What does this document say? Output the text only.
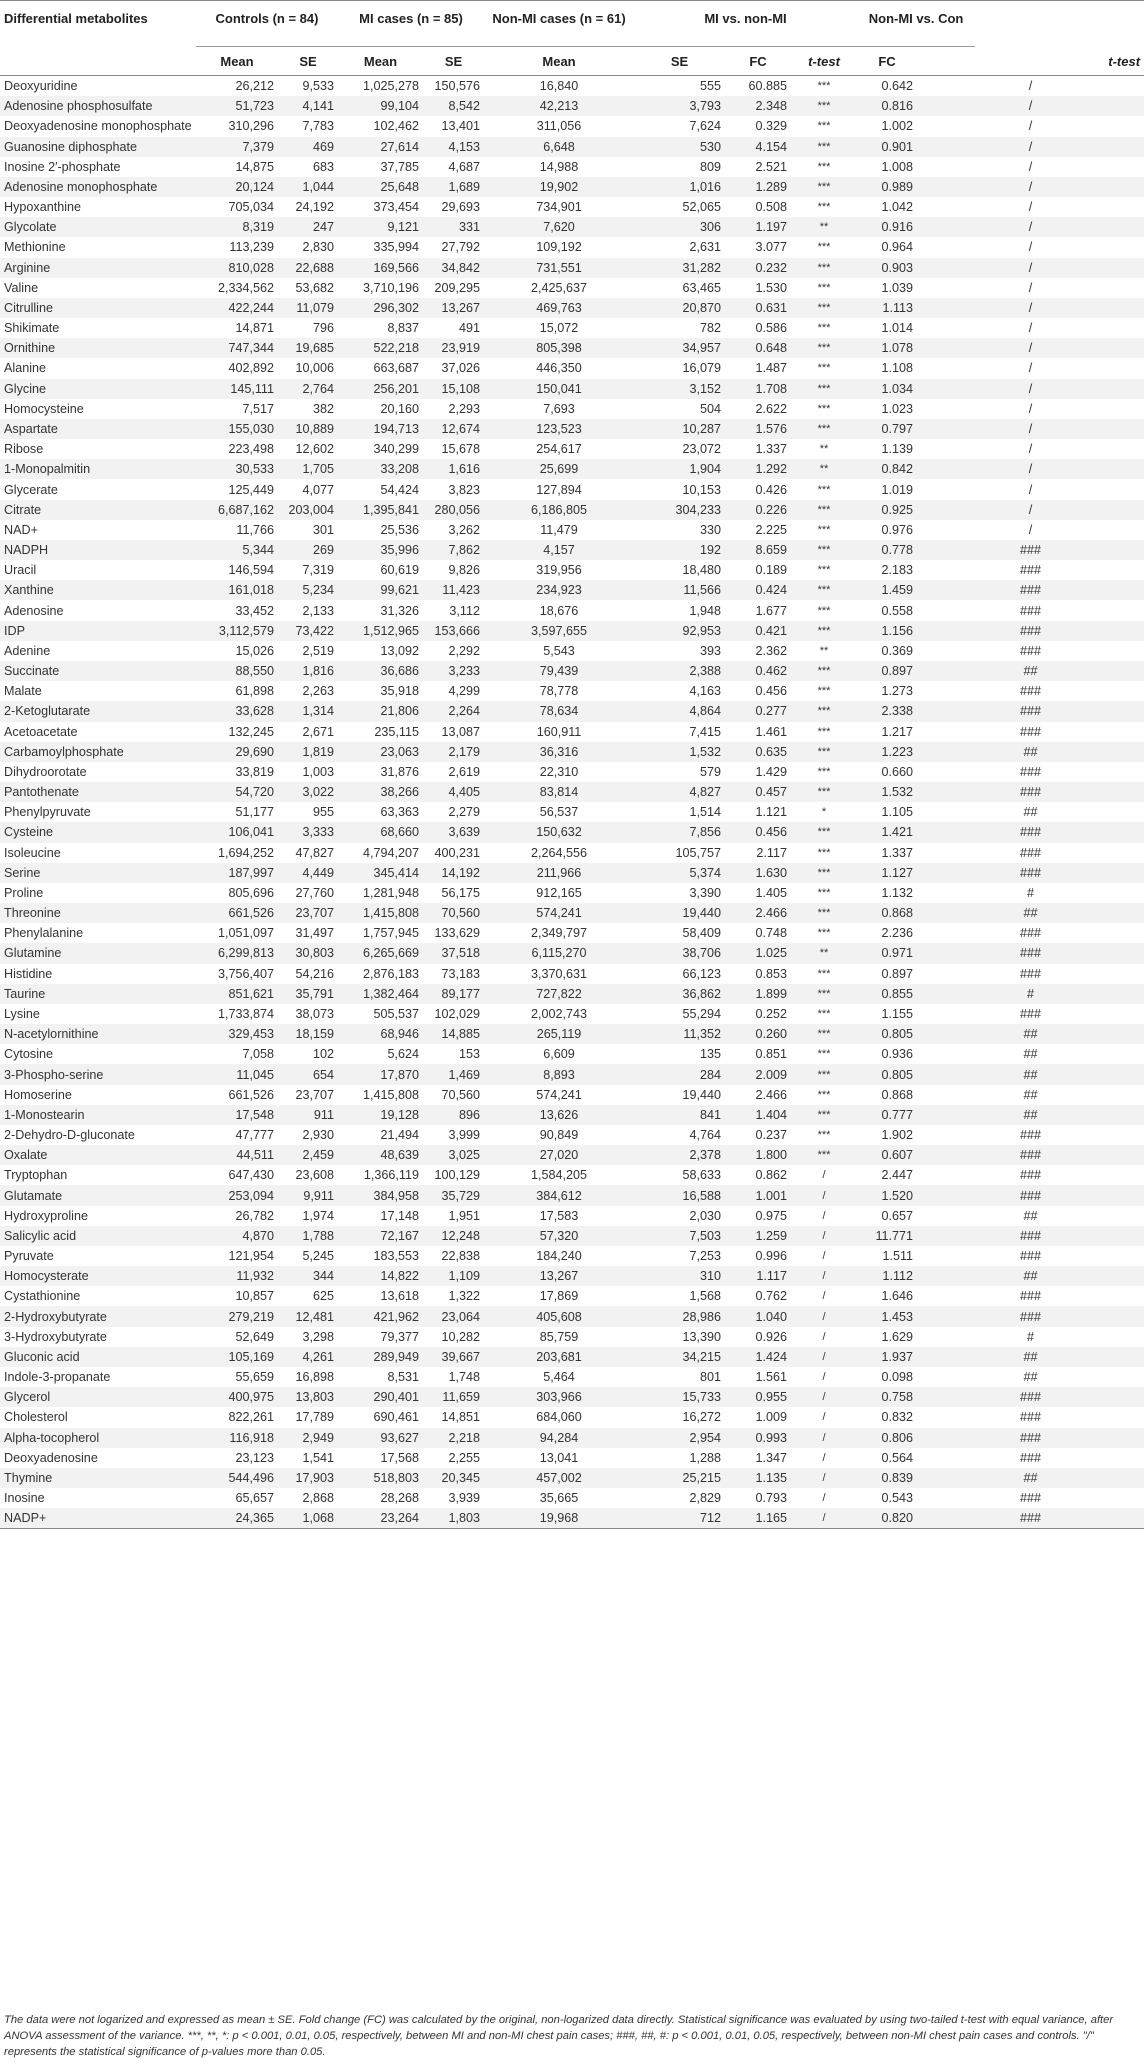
Differential metabolites	Controls (n = 84)		MI cases (n = 85)		Non-MI cases (n = 61)	MI vs. non-MI			Non-MI vs. Con		
	Mean	SE	Mean	SE	Mean	SE	FC	t-test	FC	t-test	
Deoxyuridine	26,212	9,533	1,025,278	150,576	16,840	555	60.885	***	0.642	/	
Adenosine phosphosulfate	51,723	4,141	99,104	8,542	42,213	3,793	2.348	***	0.816	/	
Deoxyadenosine monophosphate	310,296	7,783	102,462	13,401	311,056	7,624	0.329	***	1.002	/	
Guanosine diphosphate	7,379	469	27,614	4,153	6,648	530	4.154	***	0.901	/	
Inosine 2′-phosphate	14,875	683	37,785	4,687	14,988	809	2.521	***	1.008	/	
Adenosine monophosphate	20,124	1,044	25,648	1,689	19,902	1,016	1.289	***	0.989	/	
Hypoxanthine	705,034	24,192	373,454	29,693	734,901	52,065	0.508	***	1.042	/	
Glycolate	8,319	247	9,121	331	7,620	306	1.197	**	0.916	/	
Methionine	113,239	2,830	335,994	27,792	109,192	2,631	3.077	***	0.964	/	
Arginine	810,028	22,688	169,566	34,842	731,551	31,282	0.232	***	0.903	/	
Valine	2,334,562	53,682	3,710,196	209,295	2,425,637	63,465	1.530	***	1.039	/	
Citrulline	422,244	11,079	296,302	13,267	469,763	20,870	0.631	***	1.113	/	
Shikimate	14,871	796	8,837	491	15,072	782	0.586	***	1.014	/	
Ornithine	747,344	19,685	522,218	23,919	805,398	34,957	0.648	***	1.078	/	
Alanine	402,892	10,006	663,687	37,026	446,350	16,079	1.487	***	1.108	/	
Glycine	145,111	2,764	256,201	15,108	150,041	3,152	1.708	***	1.034	/	
Homocysteine	7,517	382	20,160	2,293	7,693	504	2.622	***	1.023	/	
Aspartate	155,030	10,889	194,713	12,674	123,523	10,287	1.576	***	0.797	/	
Ribose	223,498	12,602	340,299	15,678	254,617	23,072	1.337	**	1.139	/	
1-Monopalmitin	30,533	1,705	33,208	1,616	25,699	1,904	1.292	**	0.842	/	
Glycerate	125,449	4,077	54,424	3,823	127,894	10,153	0.426	***	1.019	/	
Citrate	6,687,162	203,004	1,395,841	280,056	6,186,805	304,233	0.226	***	0.925	/	
NAD+	11,766	301	25,536	3,262	11,479	330	2.225	***	0.976	/	
NADPH	5,344	269	35,996	7,862	4,157	192	8.659	***	0.778	###	
Uracil	146,594	7,319	60,619	9,826	319,956	18,480	0.189	***	2.183	###	
Xanthine	161,018	5,234	99,621	11,423	234,923	11,566	0.424	***	1.459	###	
Adenosine	33,452	2,133	31,326	3,112	18,676	1,948	1.677	***	0.558	###	
IDP	3,112,579	73,422	1,512,965	153,666	3,597,655	92,953	0.421	***	1.156	###	
Adenine	15,026	2,519	13,092	2,292	5,543	393	2.362	**	0.369	###	
Succinate	88,550	1,816	36,686	3,233	79,439	2,388	0.462	***	0.897	##	
Malate	61,898	2,263	35,918	4,299	78,778	4,163	0.456	***	1.273	###	
2-Ketoglutarate	33,628	1,314	21,806	2,264	78,634	4,864	0.277	***	2.338	###	
Acetoacetate	132,245	2,671	235,115	13,087	160,911	7,415	1.461	***	1.217	###	
Carbamoylphosphate	29,690	1,819	23,063	2,179	36,316	1,532	0.635	***	1.223	##	
Dihydroorotate	33,819	1,003	31,876	2,619	22,310	579	1.429	***	0.660	###	
Pantothenate	54,720	3,022	38,266	4,405	83,814	4,827	0.457	***	1.532	###	
Phenylpyruvate	51,177	955	63,363	2,279	56,537	1,514	1.121	*	1.105	##	
Cysteine	106,041	3,333	68,660	3,639	150,632	7,856	0.456	***	1.421	###	
Isoleucine	1,694,252	47,827	4,794,207	400,231	2,264,556	105,757	2.117	***	1.337	###	
Serine	187,997	4,449	345,414	14,192	211,966	5,374	1.630	***	1.127	###	
Proline	805,696	27,760	1,281,948	56,175	912,165	3,390	1.405	***	1.132	#	
Threonine	661,526	23,707	1,415,808	70,560	574,241	19,440	2.466	***	0.868	##	
Phenylalanine	1,051,097	31,497	1,757,945	133,629	2,349,797	58,409	0.748	***	2.236	###	
Glutamine	6,299,813	30,803	6,265,669	37,518	6,115,270	38,706	1.025	**	0.971	###	
Histidine	3,756,407	54,216	2,876,183	73,183	3,370,631	66,123	0.853	***	0.897	###	
Taurine	851,621	35,791	1,382,464	89,177	727,822	36,862	1.899	***	0.855	#	
Lysine	1,733,874	38,073	505,537	102,029	2,002,743	55,294	0.252	***	1.155	###	
N-acetylornithine	329,453	18,159	68,946	14,885	265,119	11,352	0.260	***	0.805	##	
Cytosine	7,058	102	5,624	153	6,609	135	0.851	***	0.936	##	
3-Phospho-serine	11,045	654	17,870	1,469	8,893	284	2.009	***	0.805	##	
Homoserine	661,526	23,707	1,415,808	70,560	574,241	19,440	2.466	***	0.868	##	
1-Monostearin	17,548	911	19,128	896	13,626	841	1.404	***	0.777	##	
2-Dehydro-D-gluconate	47,777	2,930	21,494	3,999	90,849	4,764	0.237	***	1.902	###	
Oxalate	44,511	2,459	48,639	3,025	27,020	2,378	1.800	***	0.607	###	
Tryptophan	647,430	23,608	1,366,119	100,129	1,584,205	58,633	0.862	/	2.447	###	
Glutamate	253,094	9,911	384,958	35,729	384,612	16,588	1.001	/	1.520	###	
Hydroxyproline	26,782	1,974	17,148	1,951	17,583	2,030	0.975	/	0.657	##	
Salicylic acid	4,870	1,788	72,167	12,248	57,320	7,503	1.259	/	11.771	###	
Pyruvate	121,954	5,245	183,553	22,838	184,240	7,253	0.996	/	1.511	###	
Homocysterate	11,932	344	14,822	1,109	13,267	310	1.117	/	1.112	##	
Cystathionine	10,857	625	13,618	1,322	17,869	1,568	0.762	/	1.646	###	
2-Hydroxybutyrate	279,219	12,481	421,962	23,064	405,608	28,986	1.040	/	1.453	###	
3-Hydroxybutyrate	52,649	3,298	79,377	10,282	85,759	13,390	0.926	/	1.629	#	
Gluconic acid	105,169	4,261	289,949	39,667	203,681	34,215	1.424	/	1.937	##	
Indole-3-propanate	55,659	16,898	8,531	1,748	5,464	801	1.561	/	0.098	##	
Glycerol	400,975	13,803	290,401	11,659	303,966	15,733	0.955	/	0.758	###	
Cholesterol	822,261	17,789	690,461	14,851	684,060	16,272	1.009	/	0.832	###	
Alpha-tocopherol	116,918	2,949	93,627	2,218	94,284	2,954	0.993	/	0.806	###	
Deoxyadenosine	23,123	1,541	17,568	2,255	13,041	1,288	1.347	/	0.564	###	
Thymine	544,496	17,903	518,803	20,345	457,002	25,215	1.135	/	0.839	##	
Inosine	65,657	2,868	28,268	3,939	35,665	2,829	0.793	/	0.543	###	
NADP+	24,365	1,068	23,264	1,803	19,968	712	1.165	/	0.820	###	
The data were not logarized and expressed as mean ± SE. Fold change (FC) was calculated by the original, non-logarized data directly. Statistical significance was evaluated by using two-tailed t-test with equal variance, after ANOVA assessment of the variance. ***, **, *: p < 0.001, 0.01, 0.05, respectively, between MI and non-MI chest pain cases; ###, ##, #: p < 0.001, 0.01, 0.05, respectively, between non-MI chest pain cases and controls. "/" represents the statistical significance of p-values more than 0.05.
